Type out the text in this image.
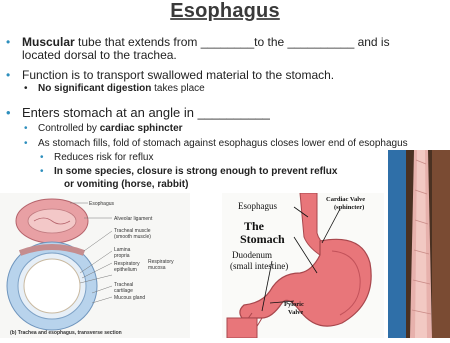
Esophagus
• Muscular tube that extends from ________to the __________ and is
located dorsal to the trachea.
• Function is to transport swallowed material to the stomach.
• No significant digestion takes place
• Enters stomach at an angle in __________
• Controlled by cardiac sphincter
• As stomach fills, fold of stomach against esophagus closes lower end of esophagus
• Reduces risk for reflux
• In some species, closure is strong enough to prevent reflux
or vomiting (horse, rabbit)
Esophagus
Alveolar ligament
Tracheal muscle (smooth muscle)
Lamina propria
Respiratory mucosa
Respiratory epithelium
Tracheal cartilage
Mucous gland
(b) Trachea and esophagus, transverse section
Esophagus
Cardiac Valve
(sphincter)
The
Stomach
Duodenum
(small intestine)
Pyloric
Valve
